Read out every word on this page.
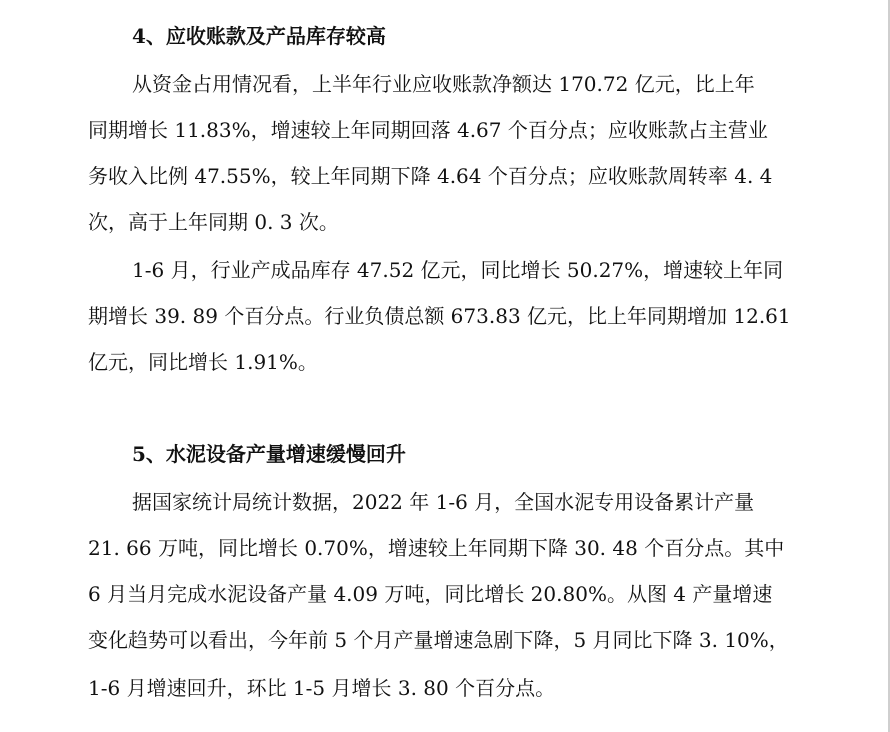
4、应收账款及产品库存较高
从资金占用情况看，上半年行业应收账款净额达 170.72 亿元，比上年
同期增长 11.83%，增速较上年同期回落 4.67 个百分点；应收账款占主营业
务收入比例 47.55%，较上年同期下降 4.64 个百分点；应收账款周转率 4. 4
次，高于上年同期 0. 3 次。
1-6 月，行业产成品库存 47.52 亿元，同比增长 50.27%，增速较上年同
期增长 39. 89 个百分点。行业负债总额 673.83 亿元，比上年同期增加 12.61
亿元，同比增长 1.91%。
5、水泥设备产量增速缓慢回升
据国家统计局统计数据，2022 年 1-6 月，全国水泥专用设备累计产量
21. 66 万吨，同比增长 0.70%，增速较上年同期下降 30. 48 个百分点。其中
6 月当月完成水泥设备产量 4.09 万吨，同比增长 20.80%。从图 4 产量增速
变化趋势可以看出，今年前 5 个月产量增速急剧下降，5 月同比下降 3. 10%，
1-6 月增速回升，环比 1-5 月增长 3. 80 个百分点。
